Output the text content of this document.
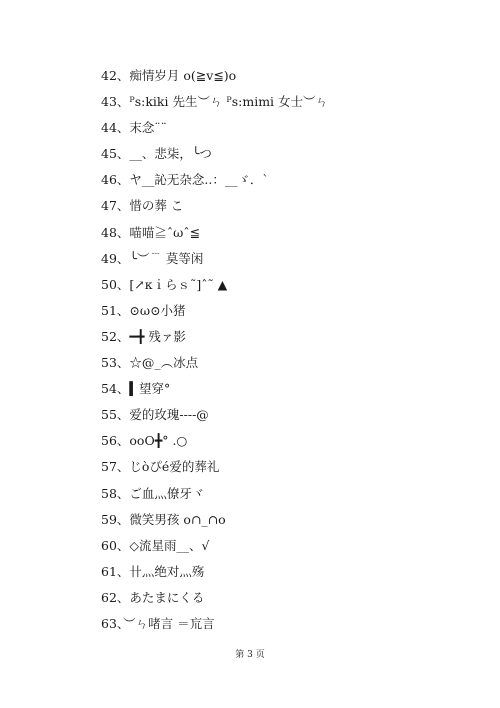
42、痴情岁月 o(≧v≦)o
43、ᴾs:kiki 先生︶ㄣ ᴾs:mimi 女士︶ㄣ
44、末念¨¨
45、__、悲柒，╰つ
46、ヤ__訫无杂念..：__ゞ．ˋ
47、惜の葬 こ
48、喵喵≧ˆωˆ≦
49、╰︶﹉ 莫等闲
50、[↗κｉらｓ˜]ˆ˜ ▲
51、⊙ω⊙小猪
52、━╋ 残ァ影
53、☆@_︵冰点
54、▍望穿°
55、爱的玫瑰----@
56、ooO╋° .○
57、じòぴé爱的葬礼
58、ご血灬僚牙ヾ
59、微笑男孩 o∩_∩o
60、◇流星雨__、√
61、卄灬绝对灬殇
62、あたまにくる
63、︶ㄣ啫言 ＝巟言
第 3 页
